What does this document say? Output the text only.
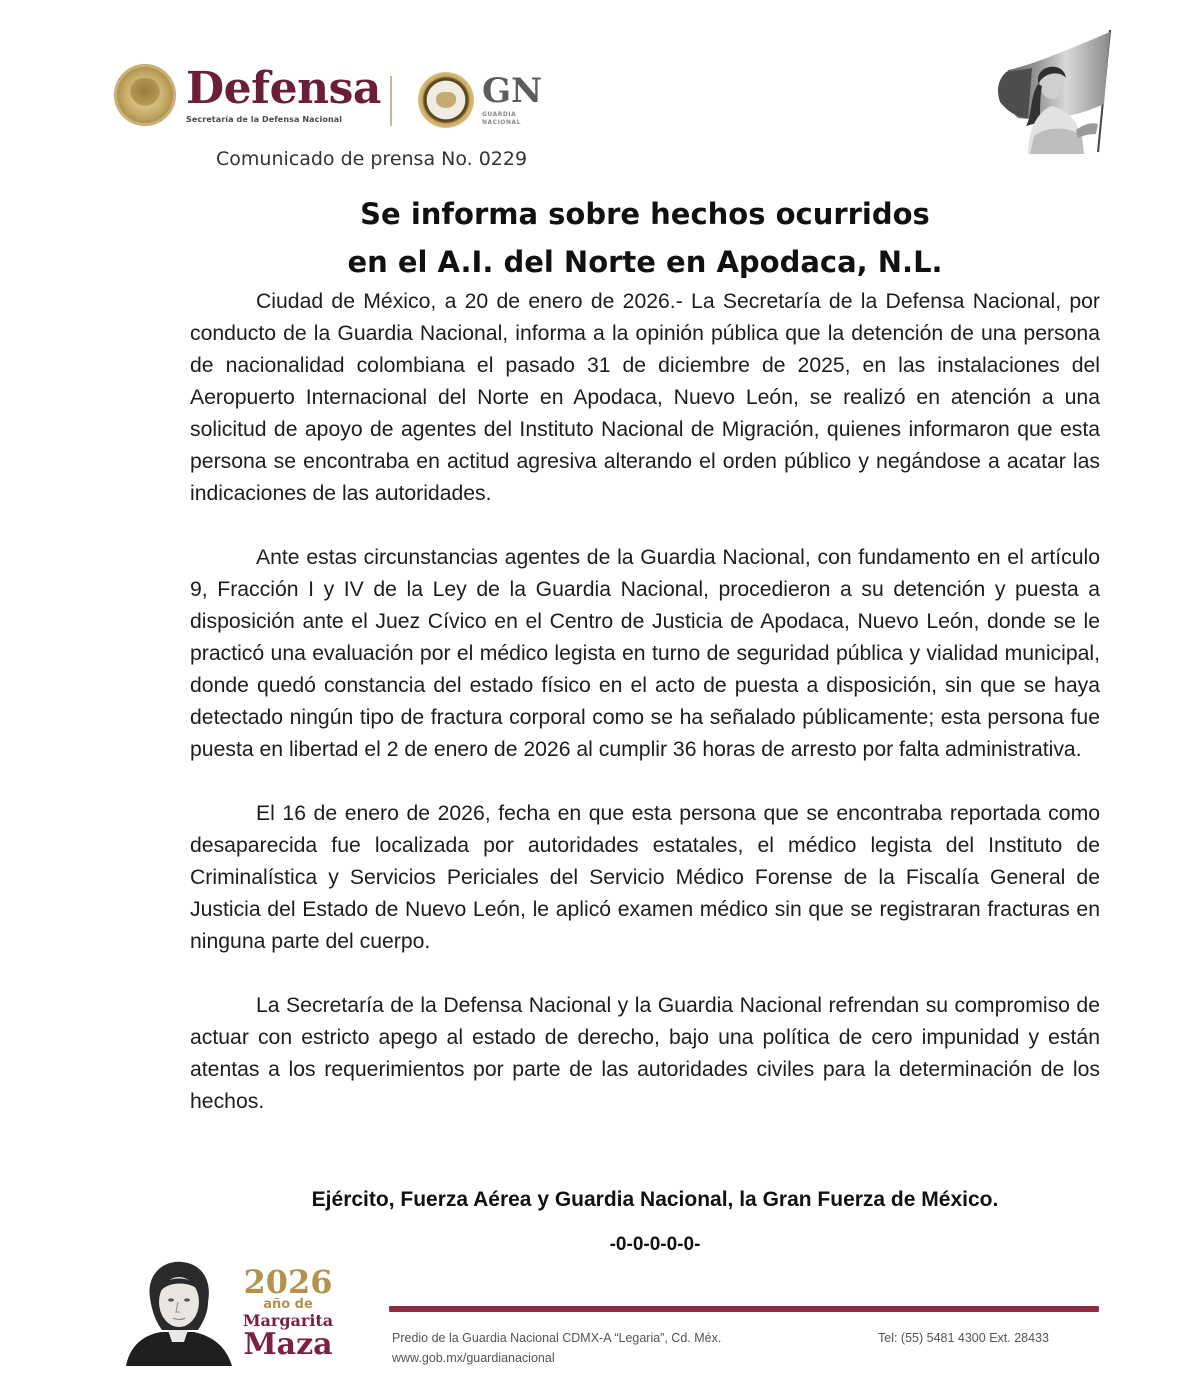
Defensa
Secretaría de la Defensa Nacional
GN
GUARDIA
NACIONAL
Comunicado de prensa No. 0229
Se informa sobre hechos ocurridos
en el A.I. del Norte en Apodaca, N.L.

Ciudad de México, a 20 de enero de 2026.- La Secretaría de la Defensa Nacional, por conducto de la Guardia Nacional, informa a la opinión pública que la detención de una persona de nacionalidad colombiana el pasado 31 de diciembre de 2025, en las instalaciones del Aeropuerto Internacional del Norte en Apodaca, Nuevo León, se realizó en atención a una solicitud de apoyo de agentes del Instituto Nacional de Migración, quienes informaron que esta persona se encontraba en actitud agresiva alterando el orden público y negándose a acatar las indicaciones de las autoridades.

Ante estas circunstancias agentes de la Guardia Nacional, con fundamento en el artículo 9, Fracción I y IV de la Ley de la Guardia Nacional, procedieron a su detención y puesta a disposición ante el Juez Cívico en el Centro de Justicia de Apodaca, Nuevo León, donde se le practicó una evaluación por el médico legista en turno de seguridad pública y vialidad municipal, donde quedó constancia del estado físico en el acto de puesta a disposición, sin que se haya detectado ningún tipo de fractura corporal como se ha señalado públicamente; esta persona fue puesta en libertad el 2 de enero de 2026 al cumplir 36 horas de arresto por falta administrativa.

El 16 de enero de 2026, fecha en que esta persona que se encontraba reportada como desaparecida fue localizada por autoridades estatales, el médico legista del Instituto de Criminalística y Servicios Periciales del Servicio Médico Forense de la Fiscalía General de Justicia del Estado de Nuevo León, le aplicó examen médico sin que se registraran fracturas en ninguna parte del cuerpo.

La Secretaría de la Defensa Nacional y la Guardia Nacional refrendan su compromiso de actuar con estricto apego al estado de derecho, bajo una política de cero impunidad y están atentas a los requerimientos por parte de las autoridades civiles para la determinación de los hechos.

Ejército, Fuerza Aérea y Guardia Nacional, la Gran Fuerza de México.
-0-0-0-0-0-
2026
año de
Margarita
Maza	Predio de la Guardia Nacional CDMX-A “Legaria”, Cd. Méx.
www.gob.mx/guardianacional
Tel: (55) 5481 4300 Ext. 28433
